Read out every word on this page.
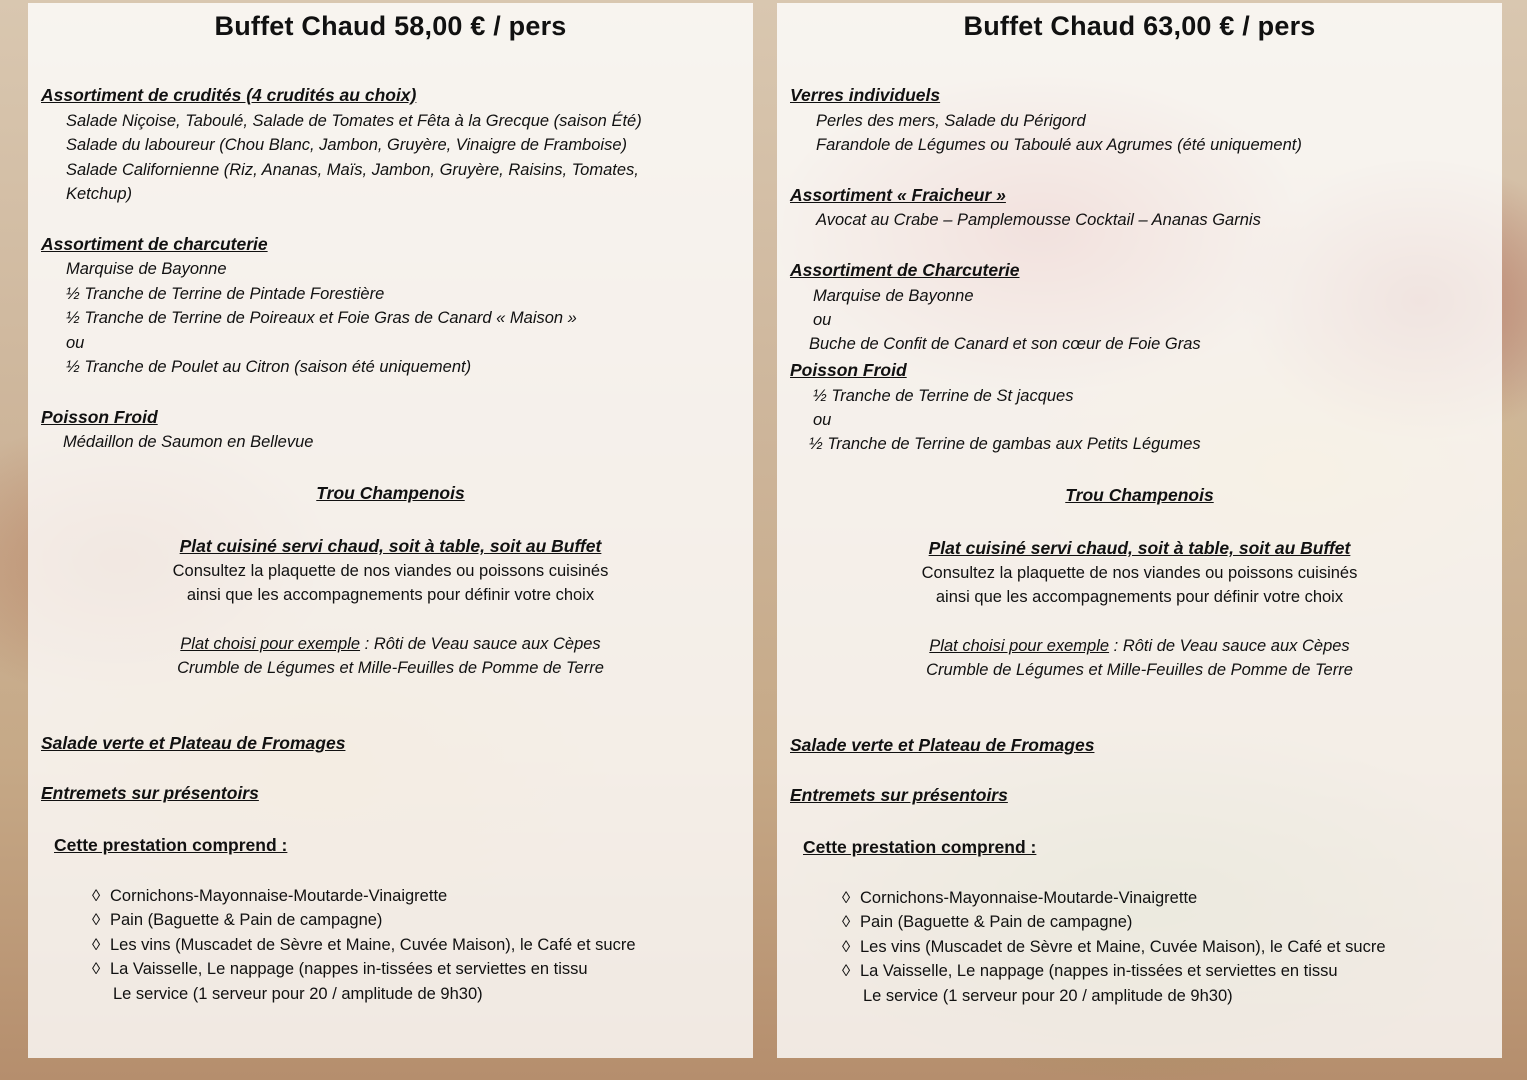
Buffet Chaud 58,00 € / pers
Assortiment de crudités (4 crudités au choix)
Salade Niçoise, Taboulé, Salade de Tomates et Fêta à la Grecque (saison Été)
Salade du laboureur (Chou Blanc, Jambon, Gruyère, Vinaigre de Framboise)
Salade Californienne (Riz, Ananas, Maïs, Jambon, Gruyère, Raisins, Tomates,
Ketchup)
Assortiment de charcuterie
Marquise de Bayonne
½ Tranche de Terrine de Pintade Forestière
½ Tranche de Terrine de Poireaux et Foie Gras de Canard « Maison »
ou
½ Tranche de Poulet au Citron (saison été uniquement)
Poisson Froid
Médaillon de Saumon en Bellevue
Trou Champenois
Plat cuisiné servi chaud, soit à table, soit au Buffet
Consultez la plaquette de nos viandes ou poissons cuisinés
ainsi que les accompagnements pour définir votre choix
Plat choisi pour exemple : Rôti de Veau sauce aux Cèpes
Crumble de Légumes et Mille-Feuilles de Pomme de Terre
Salade verte et Plateau de Fromages
Entremets sur présentoirs
Cette prestation comprend :
◊ Cornichons-Mayonnaise-Moutarde-Vinaigrette
◊ Pain (Baguette & Pain de campagne)
◊ Les vins (Muscadet de Sèvre et Maine, Cuvée Maison), le Café et sucre
◊ La Vaisselle, Le nappage (nappes in-tissées et serviettes en tissu
Le service (1 serveur pour 20 / amplitude de 9h30)
Buffet Chaud 63,00 € / pers
Verres individuels
Perles des mers, Salade du Périgord
Farandole de Légumes ou Taboulé aux Agrumes (été uniquement)
Assortiment « Fraicheur »
Avocat au Crabe – Pamplemousse Cocktail – Ananas Garnis
Assortiment de Charcuterie
Marquise de Bayonne
ou
Buche de Confit de Canard et son cœur de Foie Gras
Poisson Froid
½ Tranche de Terrine de St jacques
ou
½ Tranche de Terrine de gambas aux Petits Légumes
Trou Champenois
Plat cuisiné servi chaud, soit à table, soit au Buffet
Consultez la plaquette de nos viandes ou poissons cuisinés
ainsi que les accompagnements pour définir votre choix
Plat choisi pour exemple : Rôti de Veau sauce aux Cèpes
Crumble de Légumes et Mille-Feuilles de Pomme de Terre
Salade verte et Plateau de Fromages
Entremets sur présentoirs
Cette prestation comprend :
◊ Cornichons-Mayonnaise-Moutarde-Vinaigrette
◊ Pain (Baguette & Pain de campagne)
◊ Les vins (Muscadet de Sèvre et Maine, Cuvée Maison), le Café et sucre
◊ La Vaisselle, Le nappage (nappes in-tissées et serviettes en tissu
Le service (1 serveur pour 20 / amplitude de 9h30)
